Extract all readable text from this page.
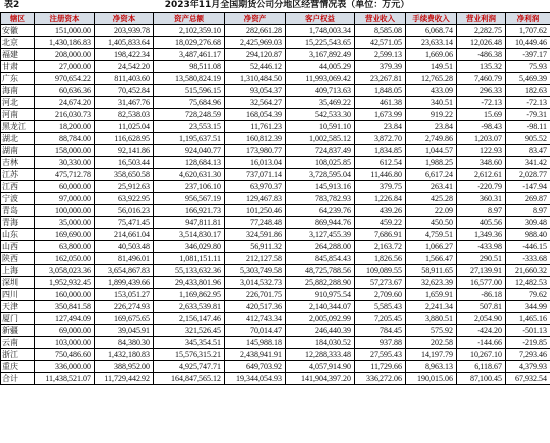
表2	2023年11月全国期货公司分地区经营情况表（单位：万元）
辖区	注册资本	净资本	资产总额	净资产	客户权益	营业收入	手续费收入	营业利润	净利润
安徽	151,000.00	203,939.78	2,102,359.10	282,661.28	1,748,003.34	8,585.08	6,068.74	2,282.75	1,707.62
北京	1,430,186.83	1,405,833.64	18,029,276.68	2,425,969.03	15,225,543.65	42,571.05	23,633.14	12,026.48	10,449.46
福建	208,000.00	198,422.34	3,487,461.17	294,120.87	3,167,892.49	2,599.13	1,669.06	-486.38	-397.17
甘肃	27,000.00	24,542.20	98,511.08	52,446.12	44,005.29	379.39	149.51	135.32	75.93
广东	970,654.22	811,403.60	13,580,824.19	1,310,484.50	11,993,069.42	23,267.81	12,765.28	7,460.79	5,469.39
海南	60,636.36	70,452.84	515,596.15	93,054.37	409,713.63	1,848.05	433.09	296.33	182.63
河北	24,674.20	31,467.76	75,684.96	32,564.27	35,469.22	461.38	340.51	-72.13	-72.13
河南	216,030.73	82,538.03	728,248.59	168,054.39	542,533.30	1,673.99	919.22	15.69	-79.31
黑龙江	18,200.00	11,025.04	23,553.15	11,761.23	10,591.10	23.84	23.84	-98.43	-98.11
湖北	88,784.00	116,628.95	1,195,637.51	160,812.39	1,002,585.12	3,872.70	2,749.86	1,203.07	905.52
湖南	158,000.00	92,141.86	924,040.77	173,980.77	724,837.49	1,834.85	1,044.57	122.93	83.47
吉林	30,330.00	16,503.44	128,684.13	16,013.04	108,025.85	612.54	1,988.25	348.60	341.42
江苏	475,712.78	358,650.58	4,620,631.30	737,071.14	3,728,595.04	11,446.80	6,617.24	2,612.61	2,028.77
江西	60,000.00	25,912.63	237,106.10	63,970.37	145,913.16	379.75	263.41	-220.79	-147.94
宁波	97,000.00	63,922.95	956,567.19	129,467.83	783,782.93	1,226.84	425.28	360.31	269.87
青岛	100,000.00	56,016.23	166,921.73	101,250.46	64,239.76	439.26	22.09	8.97	8.97
青海	35,000.00	75,471.45	947,811.81	77,248.48	869,944.76	459.22	450.50	405.56	309.48
山东	169,690.00	214,661.04	3,514,830.17	324,591.86	3,127,455.39	7,686.91	4,759.51	1,349.36	988.40
山西	63,800.00	40,503.48	346,029.80	56,911.32	264,288.00	2,163.72	1,066.27	-433.98	-446.15
陕西	162,050.00	81,496.01	1,081,151.11	212,127.58	845,854.43	1,826.56	1,566.47	290.51	-333.68
上海	3,058,023.36	3,654,867.83	55,133,632.36	5,303,749.58	48,725,788.56	109,089.55	58,911.65	27,139.91	21,660.32
深圳	1,952,932.45	1,899,439.66	29,433,801.96	3,014,532.73	25,882,288.90	57,273.67	32,623.39	16,577.00	12,482.53
四川	160,000.00	153,051.27	1,169,862.95	226,701.75	910,975.54	2,709.60	1,659.91	-86.18	79.62
天津	350,841.58	226,274.93	2,633,539.81	420,517.36	2,140,344.07	5,585.43	2,241.34	507.81	344.99
厦门	127,494.09	169,675.65	2,156,147.46	412,743.34	2,005,092.99	7,205.45	3,880.51	2,054.90	1,465.16
新疆	69,000.00	39,045.91	321,526.45	70,014.47	246,440.39	784.45	575.92	-424.20	-501.13
云南	103,000.00	84,380.30	345,354.51	145,988.18	184,030.52	937.88	202.58	-144.66	-219.85
浙江	750,486.60	1,432,180.83	15,576,315.21	2,438,941.91	12,288,333.48	27,595.43	14,197.79	10,267.10	7,293.46
重庆	336,000.00	388,952.00	4,925,747.71	649,703.92	4,057,914.90	11,729.66	8,963.13	6,118.67	4,379.93
合计	11,438,521.07	11,729,442.92	164,847,565.12	19,344,054.93	141,904,397.20	336,272.06	190,015.06	87,100.45	67,932.54
